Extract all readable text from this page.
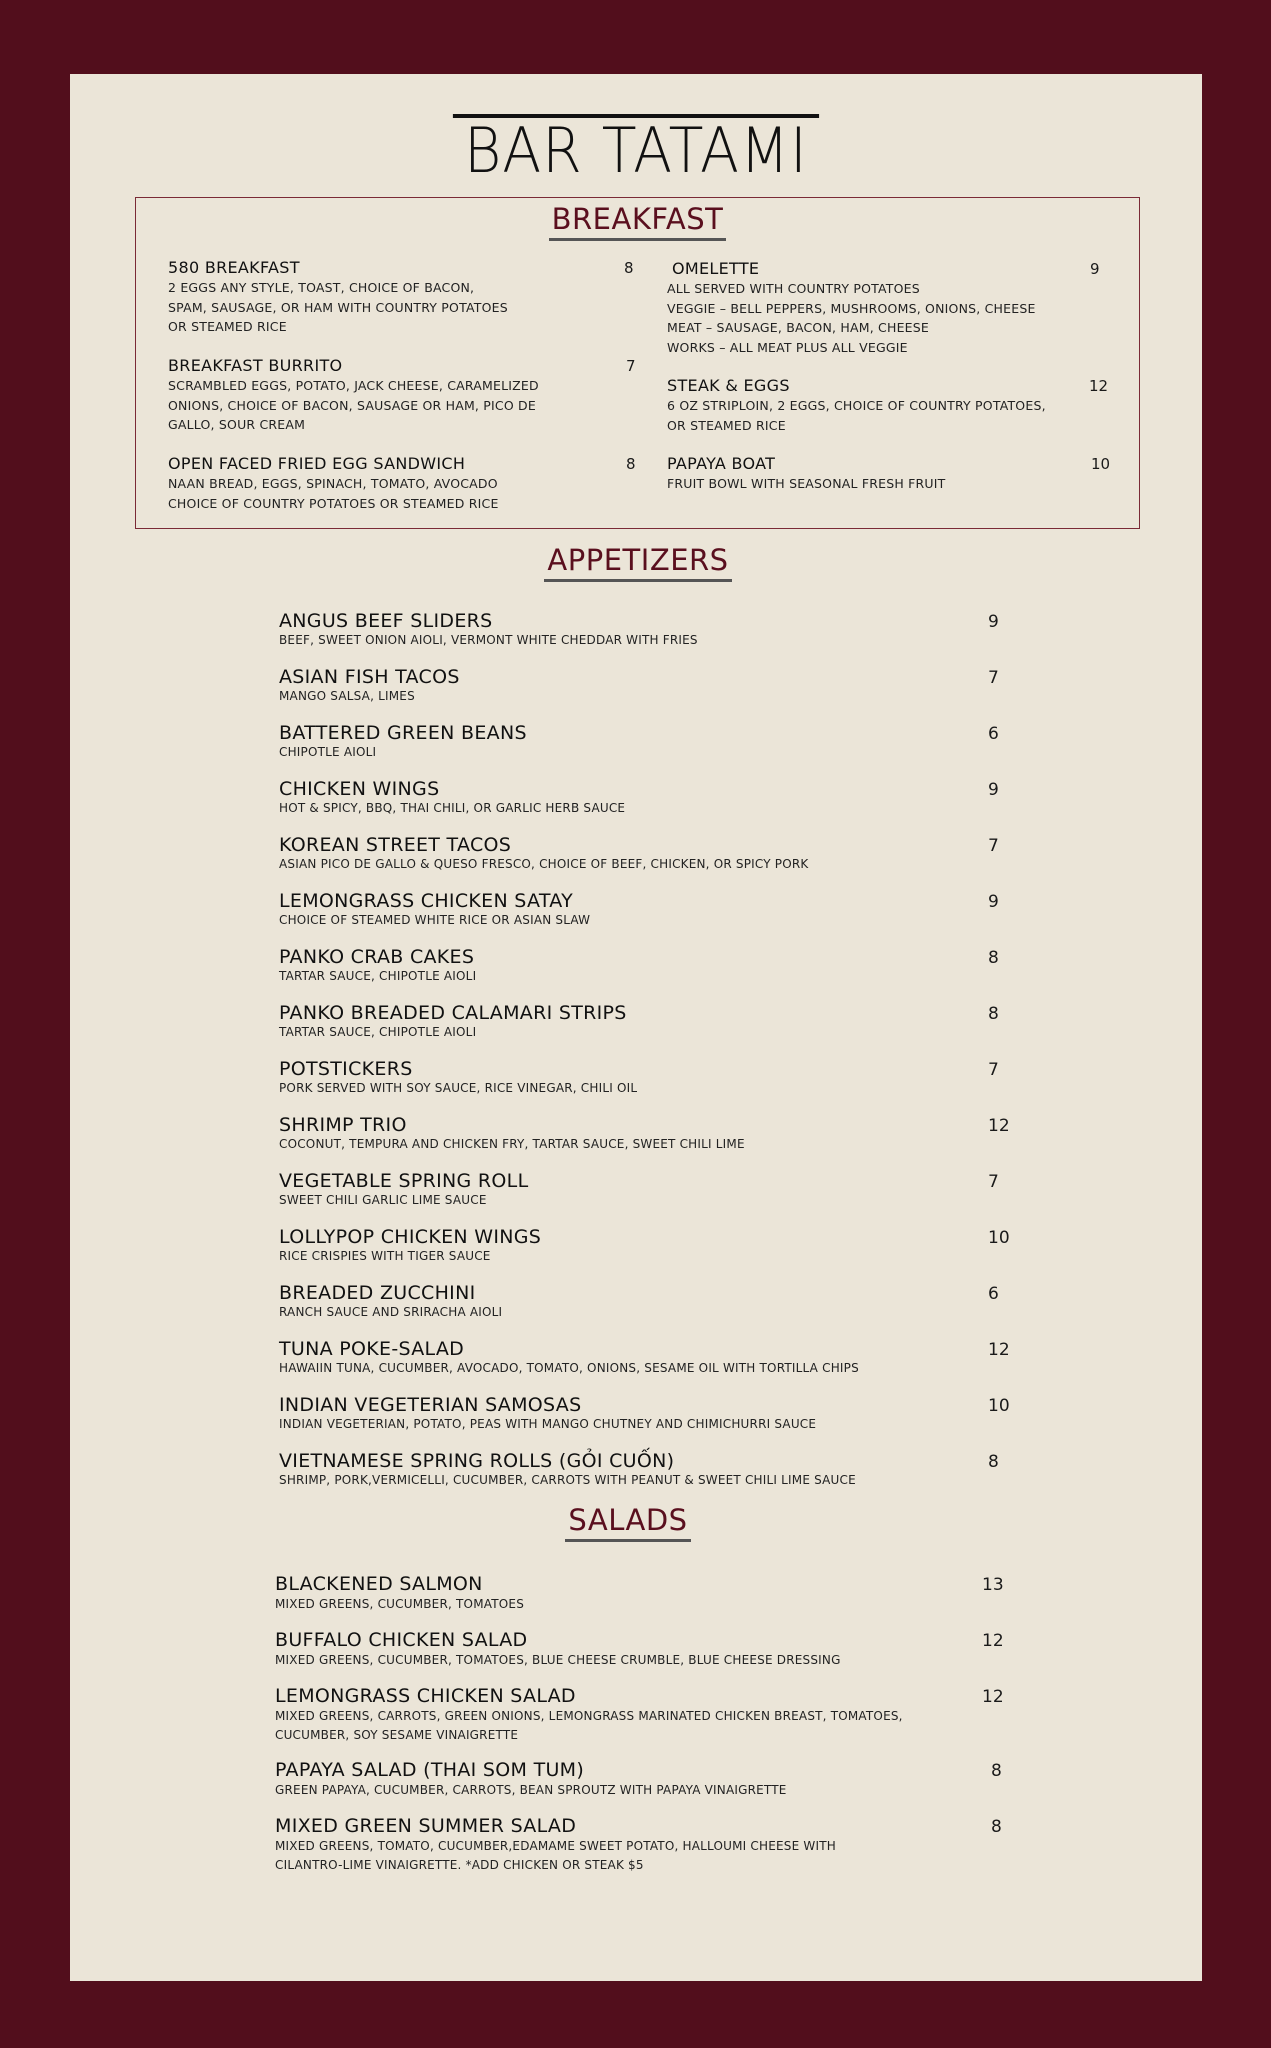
BAR TATAMI
BREAKFAST
580 BREAKFAST	8
2 EGGS ANY STYLE, TOAST, CHOICE OF BACON,
SPAM, SAUSAGE, OR HAM WITH COUNTRY POTATOES
OR STEAMED RICE
BREAKFAST BURRITO	7
SCRAMBLED EGGS, POTATO, JACK CHEESE, CARAMELIZED
ONIONS, CHOICE OF BACON, SAUSAGE OR HAM, PICO DE
GALLO, SOUR CREAM
OPEN FACED FRIED EGG SANDWICH	8
NAAN BREAD, EGGS, SPINACH, TOMATO, AVOCADO
CHOICE OF COUNTRY POTATOES OR STEAMED RICE
OMELETTE	9
ALL SERVED WITH COUNTRY POTATOES
VEGGIE – BELL PEPPERS, MUSHROOMS, ONIONS, CHEESE
MEAT – SAUSAGE, BACON, HAM, CHEESE
WORKS – ALL MEAT PLUS ALL VEGGIE
STEAK & EGGS	12
6 OZ STRIPLOIN, 2 EGGS, CHOICE OF COUNTRY POTATOES,
OR STEAMED RICE
PAPAYA BOAT	10
FRUIT BOWL WITH SEASONAL FRESH FRUIT
APPETIZERS
ANGUS BEEF SLIDERS
BEEF, SWEET ONION AIOLI, VERMONT WHITE CHEDDAR WITH FRIES
9
ASIAN FISH TACOS
MANGO SALSA, LIMES
7
BATTERED GREEN BEANS
CHIPOTLE AIOLI
6
CHICKEN WINGS
HOT & SPICY, BBQ, THAI CHILI, OR GARLIC HERB SAUCE
9
KOREAN STREET TACOS
ASIAN PICO DE GALLO & QUESO FRESCO, CHOICE OF BEEF, CHICKEN, OR SPICY PORK
7
LEMONGRASS CHICKEN SATAY
CHOICE OF STEAMED WHITE RICE OR ASIAN SLAW
9
PANKO CRAB CAKES
TARTAR SAUCE, CHIPOTLE AIOLI
8
PANKO BREADED CALAMARI STRIPS
TARTAR SAUCE, CHIPOTLE AIOLI
8
POTSTICKERS
PORK SERVED WITH SOY SAUCE, RICE VINEGAR, CHILI OIL
7
SHRIMP TRIO
COCONUT, TEMPURA AND CHICKEN FRY, TARTAR SAUCE, SWEET CHILI LIME
12
VEGETABLE SPRING ROLL
SWEET CHILI GARLIC LIME SAUCE
7
LOLLYPOP CHICKEN WINGS
RICE CRISPIES WITH TIGER SAUCE
10
BREADED ZUCCHINI
RANCH SAUCE AND SRIRACHA AIOLI
6
TUNA POKE-SALAD
HAWAIIN TUNA, CUCUMBER, AVOCADO, TOMATO, ONIONS, SESAME OIL WITH TORTILLA CHIPS
12
INDIAN VEGETERIAN SAMOSAS
INDIAN VEGETERIAN, POTATO, PEAS WITH MANGO CHUTNEY AND CHIMICHURRI SAUCE
10
VIETNAMESE SPRING ROLLS (GỎI CUỐN)
SHRIMP, PORK,VERMICELLI, CUCUMBER, CARROTS WITH PEANUT & SWEET CHILI LIME SAUCE
8
SALADS
BLACKENED SALMON
MIXED GREENS, CUCUMBER, TOMATOES
13
BUFFALO CHICKEN SALAD
MIXED GREENS, CUCUMBER, TOMATOES, BLUE CHEESE CRUMBLE, BLUE CHEESE DRESSING
12
LEMONGRASS CHICKEN SALAD
MIXED GREENS, CARROTS, GREEN ONIONS, LEMONGRASS MARINATED CHICKEN BREAST, TOMATOES,
CUCUMBER, SOY SESAME VINAIGRETTE
12
PAPAYA SALAD (THAI SOM TUM)
GREEN PAPAYA, CUCUMBER, CARROTS, BEAN SPROUTZ WITH PAPAYA VINAIGRETTE
8
MIXED GREEN SUMMER SALAD
MIXED GREENS, TOMATO, CUCUMBER,EDAMAME SWEET POTATO, HALLOUMI CHEESE WITH
CILANTRO-LIME VINAIGRETTE. *ADD CHICKEN OR STEAK $5
8
